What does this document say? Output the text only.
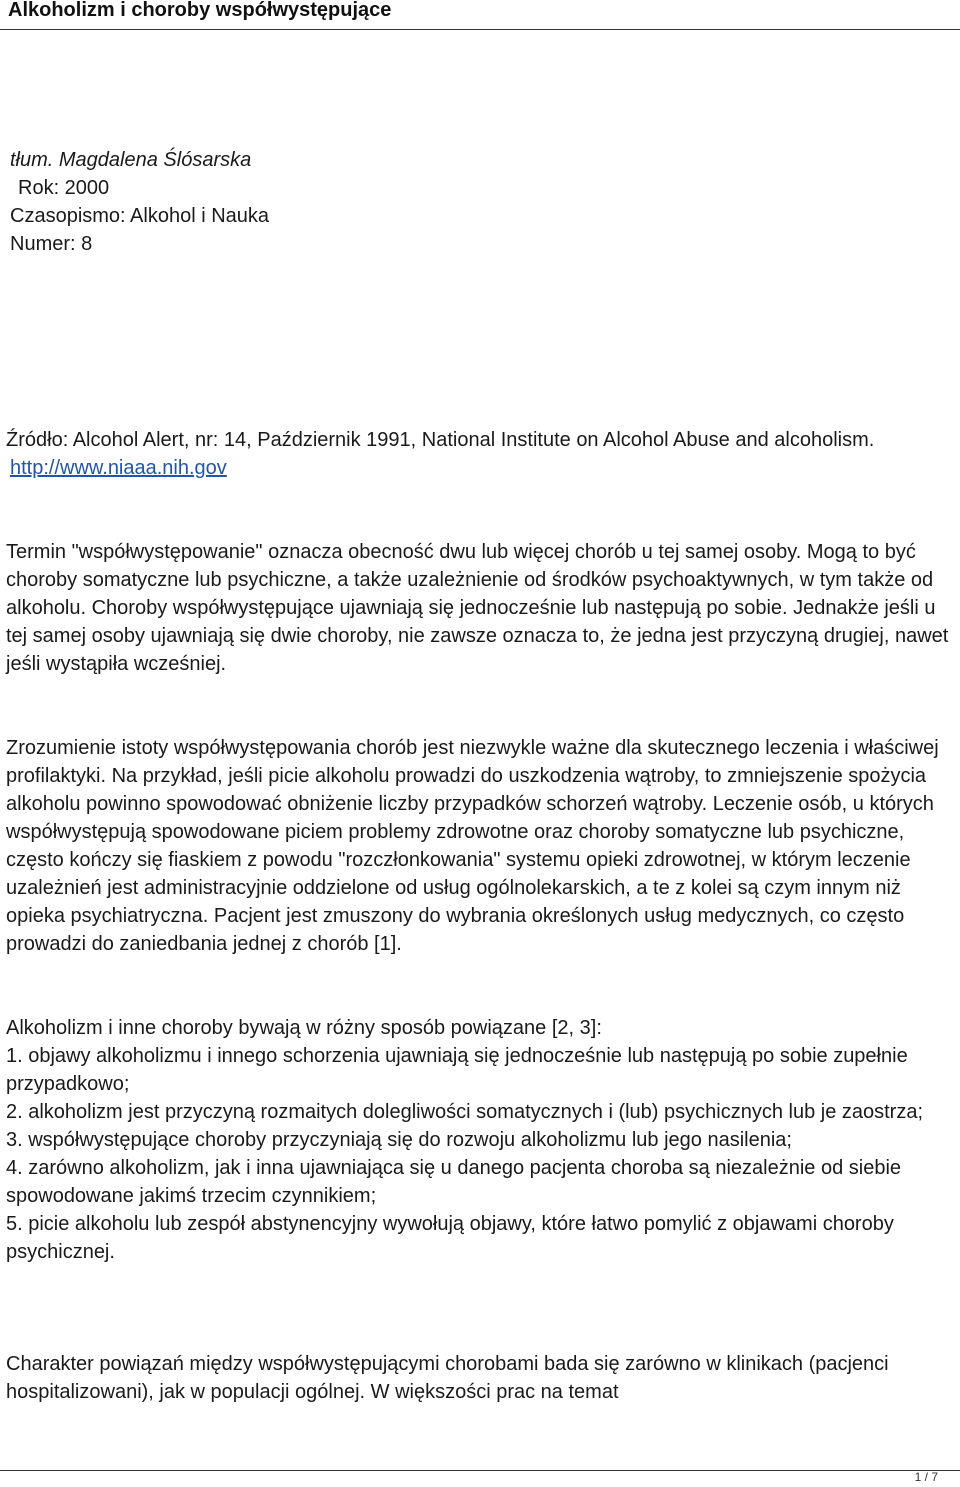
Alkoholizm i choroby współwystępujące
tłum. Magdalena Ślósarska
Rok: 2000
Czasopismo: Alkohol i Nauka
Numer: 8
Źródło: Alcohol Alert, nr: 14, Październik 1991, National Institute on Alcohol Abuse and alcoholism.
http://www.niaaa.nih.gov

Termin "współwystępowanie" oznacza obecność dwu lub więcej chorób u tej samej osoby. Mogą to być choroby somatyczne lub psychiczne, a także uzależnienie od środków psychoaktywnych, w tym także od alkoholu. Choroby współwystępujące ujawniają się jednocześnie lub następują po sobie. Jednakże jeśli u tej samej osoby ujawniają się dwie choroby, nie zawsze oznacza to, że jedna jest przyczyną drugiej, nawet jeśli wystąpiła wcześniej.

Zrozumienie istoty współwystępowania chorób jest niezwykle ważne dla skutecznego leczenia i właściwej profilaktyki. Na przykład, jeśli picie alkoholu prowadzi do uszkodzenia wątroby, to zmniejszenie spożycia alkoholu powinno spowodować obniżenie liczby przypadków schorzeń wątroby. Leczenie osób, u których współwystępują spowodowane piciem problemy zdrowotne oraz choroby somatyczne lub psychiczne, często kończy się fiaskiem z powodu "rozczłonkowania" systemu opieki zdrowotnej, w którym leczenie uzależnień jest administracyjnie oddzielone od usług ogólnolekarskich, a te z kolei są czym innym niż opieka psychiatryczna. Pacjent jest zmuszony do wybrania określonych usług medycznych, co często prowadzi do zaniedbania jednej z chorób [1].

Alkoholizm i inne choroby bywają w różny sposób powiązane [2, 3]:
1. objawy alkoholizmu i innego schorzenia ujawniają się jednocześnie lub następują po sobie zupełnie przypadkowo;
2. alkoholizm jest przyczyną rozmaitych dolegliwości somatycznych i (lub) psychicznych lub je zaostrza;
3. współwystępujące choroby przyczyniają się do rozwoju alkoholizmu lub jego nasilenia;
4. zarówno alkoholizm, jak i inna ujawniająca się u danego pacjenta choroba są niezależnie od siebie spowodowane jakimś trzecim czynnikiem;
5. picie alkoholu lub zespół abstynencyjny wywołują objawy, które łatwo pomylić z objawami choroby psychicznej.

Charakter powiązań między współwystępującymi chorobami bada się zarówno w klinikach (pacjenci hospitalizowani), jak w populacji ogólnej. W większości prac na temat

1 / 7
